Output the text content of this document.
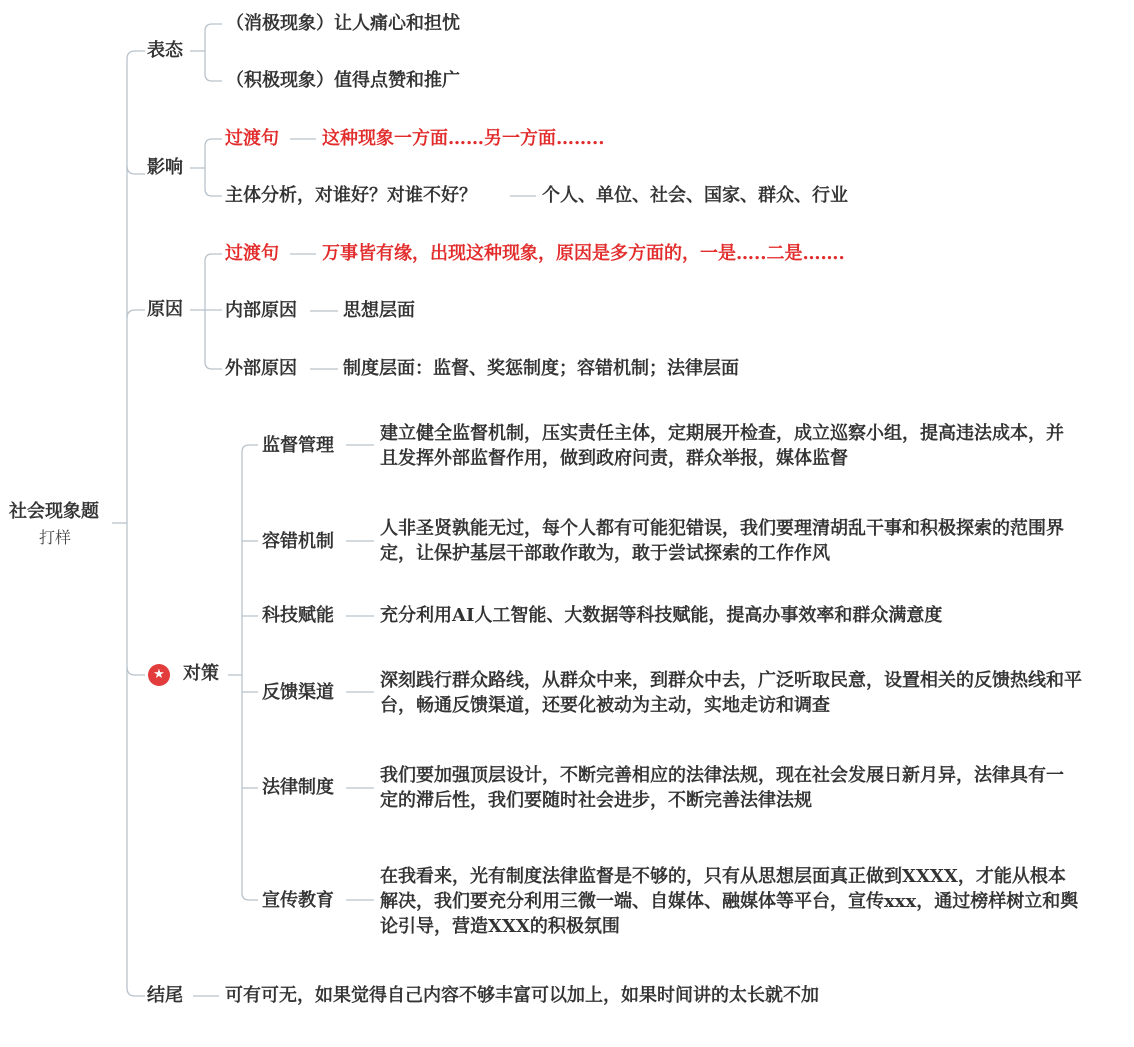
社会现象题
打样
表态
（消极现象）让人痛心和担忧
（积极现象）值得点赞和推广
影响
过渡句 这种现象一方面……另一方面……..
主体分析，对谁好？对谁不好？	个人、单位、社会、国家、群众、行业
原因
过渡句 万事皆有缘，出现这种现象，原因是多方面的，一是…..二是…….
内部原因	思想层面
外部原因	制度层面：监督、奖惩制度；容错机制；法律层面
★ 对策
监督管理
建立健全监督机制，压实责任主体，定期展开检查，成立巡察小组，提高违法成本，并且发挥外部监督作用，做到政府问责，群众举报，媒体监督
容错机制
人非圣贤孰能无过，每个人都有可能犯错误，我们要理清胡乱干事和积极探索的范围界定，让保护基层干部敢作敢为，敢于尝试探索的工作作风
科技赋能	充分利用AI人工智能、大数据等科技赋能，提高办事效率和群众满意度
反馈渠道
深刻践行群众路线，从群众中来，到群众中去，广泛听取民意，设置相关的反馈热线和平台，畅通反馈渠道，还要化被动为主动，实地走访和调查
法律制度
我们要加强顶层设计，不断完善相应的法律法规，现在社会发展日新月异，法律具有一定的滞后性，我们要随时社会进步，不断完善法律法规
宣传教育
在我看来，光有制度法律监督是不够的，只有从思想层面真正做到XXXX，才能从根本解决，我们要充分利用三微一端、自媒体、融媒体等平台，宣传xxx，通过榜样树立和舆论引导，营造XXX的积极氛围
结尾 可有可无，如果觉得自己内容不够丰富可以加上，如果时间讲的太长就不加
